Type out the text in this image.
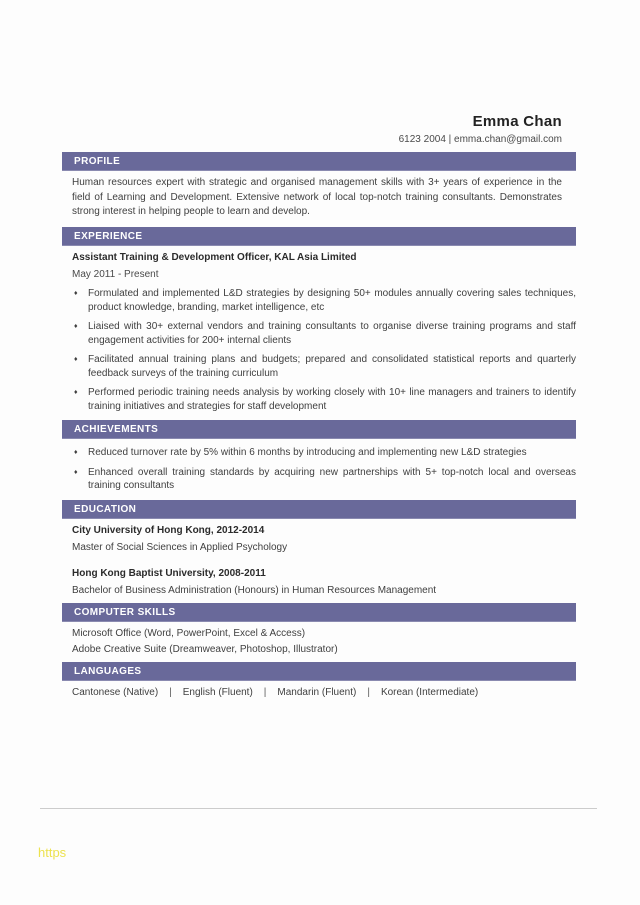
Emma Chan
6123 2004 | emma.chan@gmail.com
PROFILE
Human resources expert with strategic and organised management skills with 3+ years of experience in the field of Learning and Development. Extensive network of local top-notch training consultants. Demonstrates strong interest in helping people to learn and develop.
EXPERIENCE
Assistant Training & Development Officer, KAL Asia Limited
May 2011 - Present
♦	Formulated and implemented L&D strategies by designing 50+ modules annually covering sales techniques, product knowledge, branding, market intelligence, etc
♦	Liaised with 30+ external vendors and training consultants to organise diverse training programs and staff engagement activities for 200+ internal clients
♦	Facilitated annual training plans and budgets; prepared and consolidated statistical reports and quarterly feedback surveys of the training curriculum
♦	Performed periodic training needs analysis by working closely with 10+ line managers and trainers to identify training initiatives and strategies for staff development
ACHIEVEMENTS
♦	Reduced turnover rate by 5% within 6 months by introducing and implementing new L&D strategies
♦	Enhanced overall training standards by acquiring new partnerships with 5+ top-notch local and overseas training consultants
EDUCATION
City University of Hong Kong, 2012-2014
Master of Social Sciences in Applied Psychology
Hong Kong Baptist University, 2008-2011
Bachelor of Business Administration (Honours) in Human Resources Management
COMPUTER SKILLS
Microsoft Office (Word, PowerPoint, Excel & Access)
Adobe Creative Suite (Dreamweaver, Photoshop, Illustrator)
LANGUAGES
Cantonese (Native) | English (Fluent) | Mandarin (Fluent) | Korean (Intermediate)
https
